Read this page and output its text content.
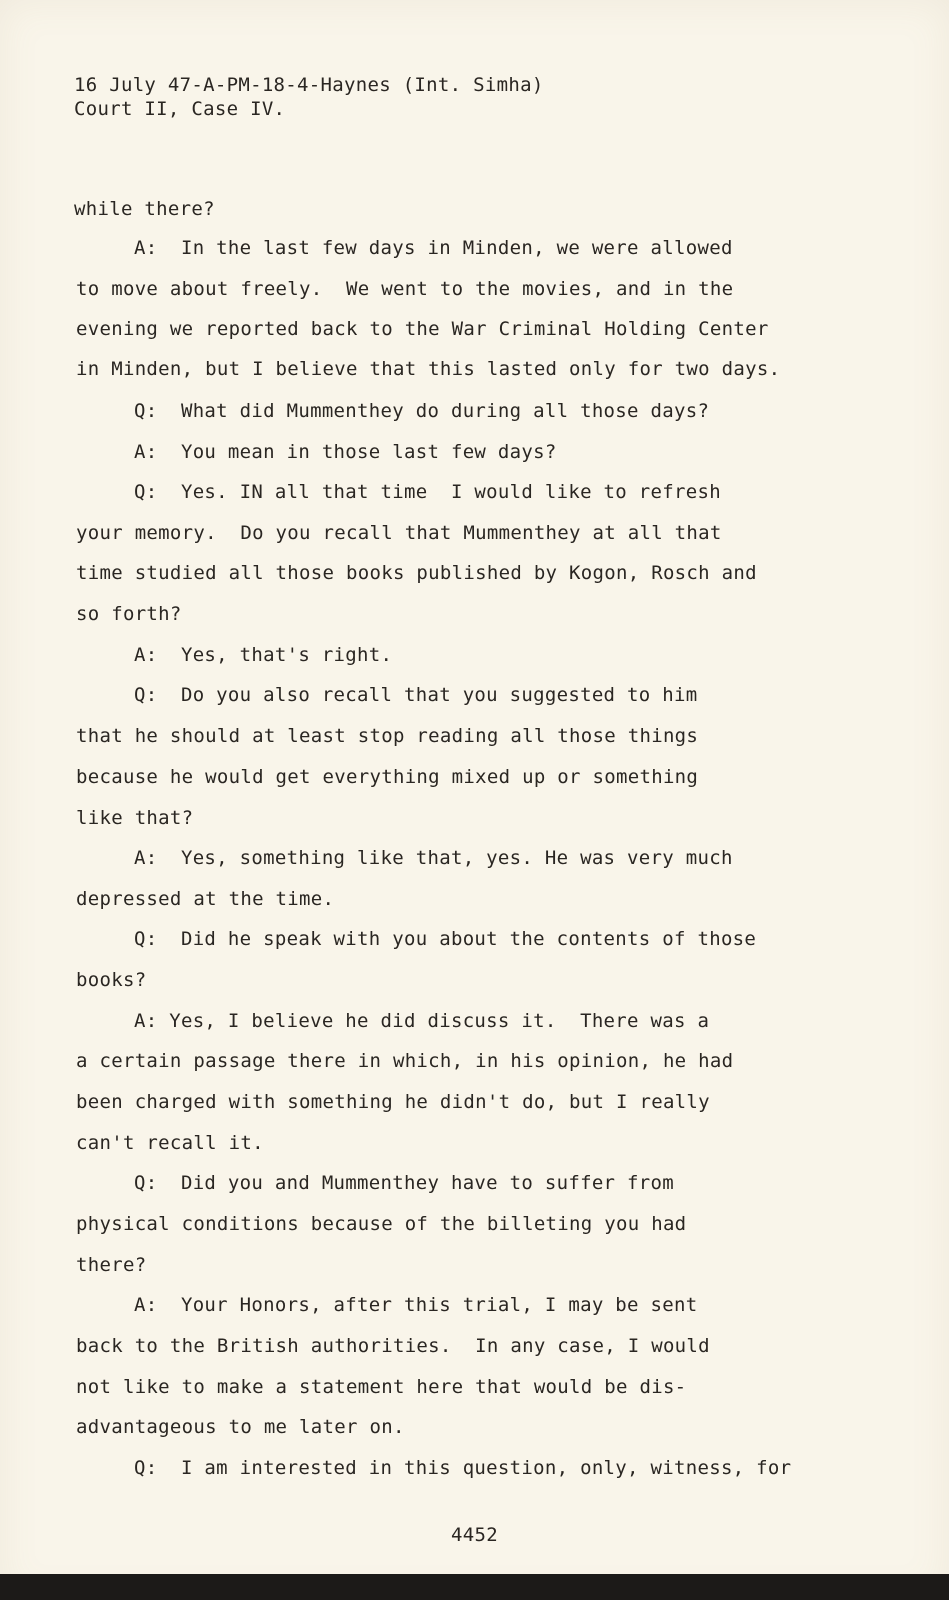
16 July 47-A-PM-18-4-Haynes (Int. Simha)
Court II, Case IV.
while there?
A:  In the last few days in Minden, we were allowed
to move about freely.  We went to the movies, and in the
evening we reported back to the War Criminal Holding Center
in Minden, but I believe that this lasted only for two days.
Q:  What did Mummenthey do during all those days?
A:  You mean in those last few days?
Q:  Yes. IN all that time  I would like to refresh
your memory.  Do you recall that Mummenthey at all that
time studied all those books published by Kogon, Rosch and
so forth?
A:  Yes, that's right.
Q:  Do you also recall that you suggested to him
that he should at least stop reading all those things
because he would get everything mixed up or something
like that?
A:  Yes, something like that, yes. He was very much
depressed at the time.
Q:  Did he speak with you about the contents of those
books?
A: Yes, I believe he did discuss it.  There was a
a certain passage there in which, in his opinion, he had
been charged with something he didn't do, but I really
can't recall it.
Q:  Did you and Mummenthey have to suffer from
physical conditions because of the billeting you had
there?
A:  Your Honors, after this trial, I may be sent
back to the British authorities.  In any case, I would
not like to make a statement here that would be dis-
advantageous to me later on.
Q:  I am interested in this question, only, witness, for
4452
